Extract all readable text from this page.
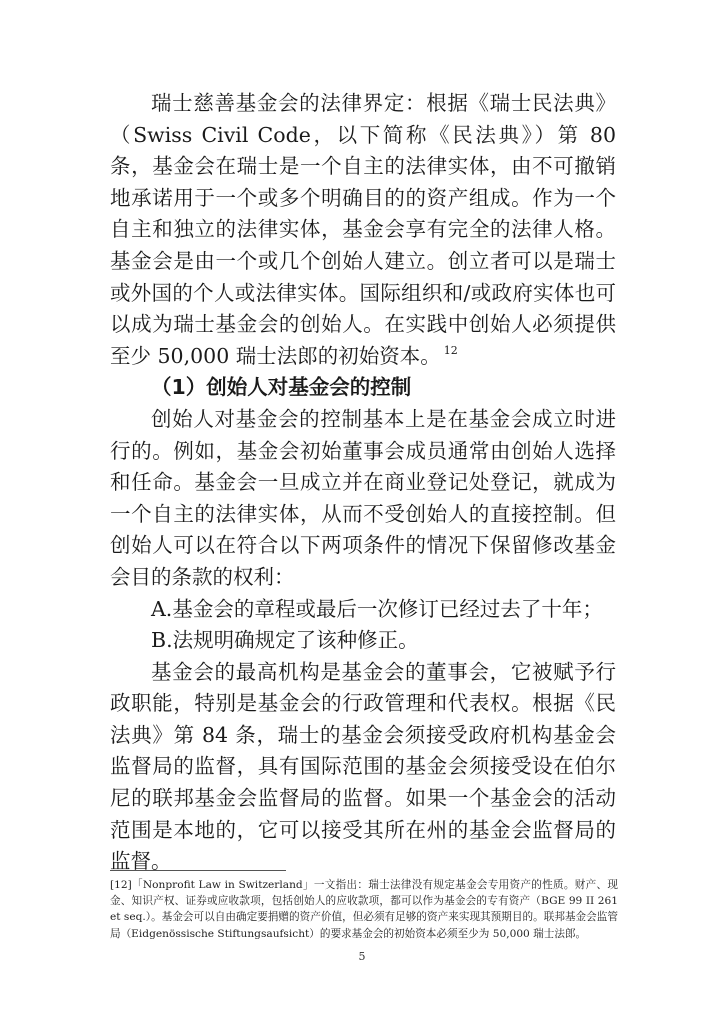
瑞士慈善基金会的法律界定：根据《瑞士民法典》（Swiss Civil Code，以下简称《民法典》）第 80 条，基金会在瑞士是一个自主的法律实体，由不可撤销地承诺用于一个或多个明确目的的资产组成。作为一个自主和独立的法律实体，基金会享有完全的法律人格。基金会是由一个或几个创始人建立。创立者可以是瑞士或外国的个人或法律实体。国际组织和/或政府实体也可以成为瑞士基金会的创始人。在实践中创始人必须提供至少 50,000 瑞士法郎的初始资本。 $^{12}$

（1）创始人对基金会的控制

创始人对基金会的控制基本上是在基金会成立时进行的。例如，基金会初始董事会成员通常由创始人选择和任命。基金会一旦成立并在商业登记处登记，就成为一个自主的法律实体，从而不受创始人的直接控制。但创始人可以在符合以下两项条件的情况下保留修改基金会目的条款的权利：

A.基金会的章程或最后一次修订已经过去了十年；

B.法规明确规定了该种修正。

基金会的最高机构是基金会的董事会，它被赋予行政职能，特别是基金会的行政管理和代表权。根据《民法典》第 84 条，瑞士的基金会须接受政府机构基金会监督局的监督，具有国际范围的基金会须接受设在伯尔尼的联邦基金会监督局的监督。如果一个基金会的活动范围是本地的，它可以接受其所在州的基金会监督局的监督。

[12]「Nonprofit Law in Switzerland」一文指出：瑞士法律没有规定基金会专用资产的性质。财产、现金、知识产权、证券或应收款项，包括创始人的应收款项，都可以作为基金会的专有资产（BGE 99 II 261 et seq.）。基金会可以自由确定要捐赠的资产价值，但必须有足够的资产来实现其预期目的。联邦基金会监管局（Eidgenössische Stiftungsaufsicht）的要求基金会的初始资本必须至少为 50,000 瑞士法郎。

5
